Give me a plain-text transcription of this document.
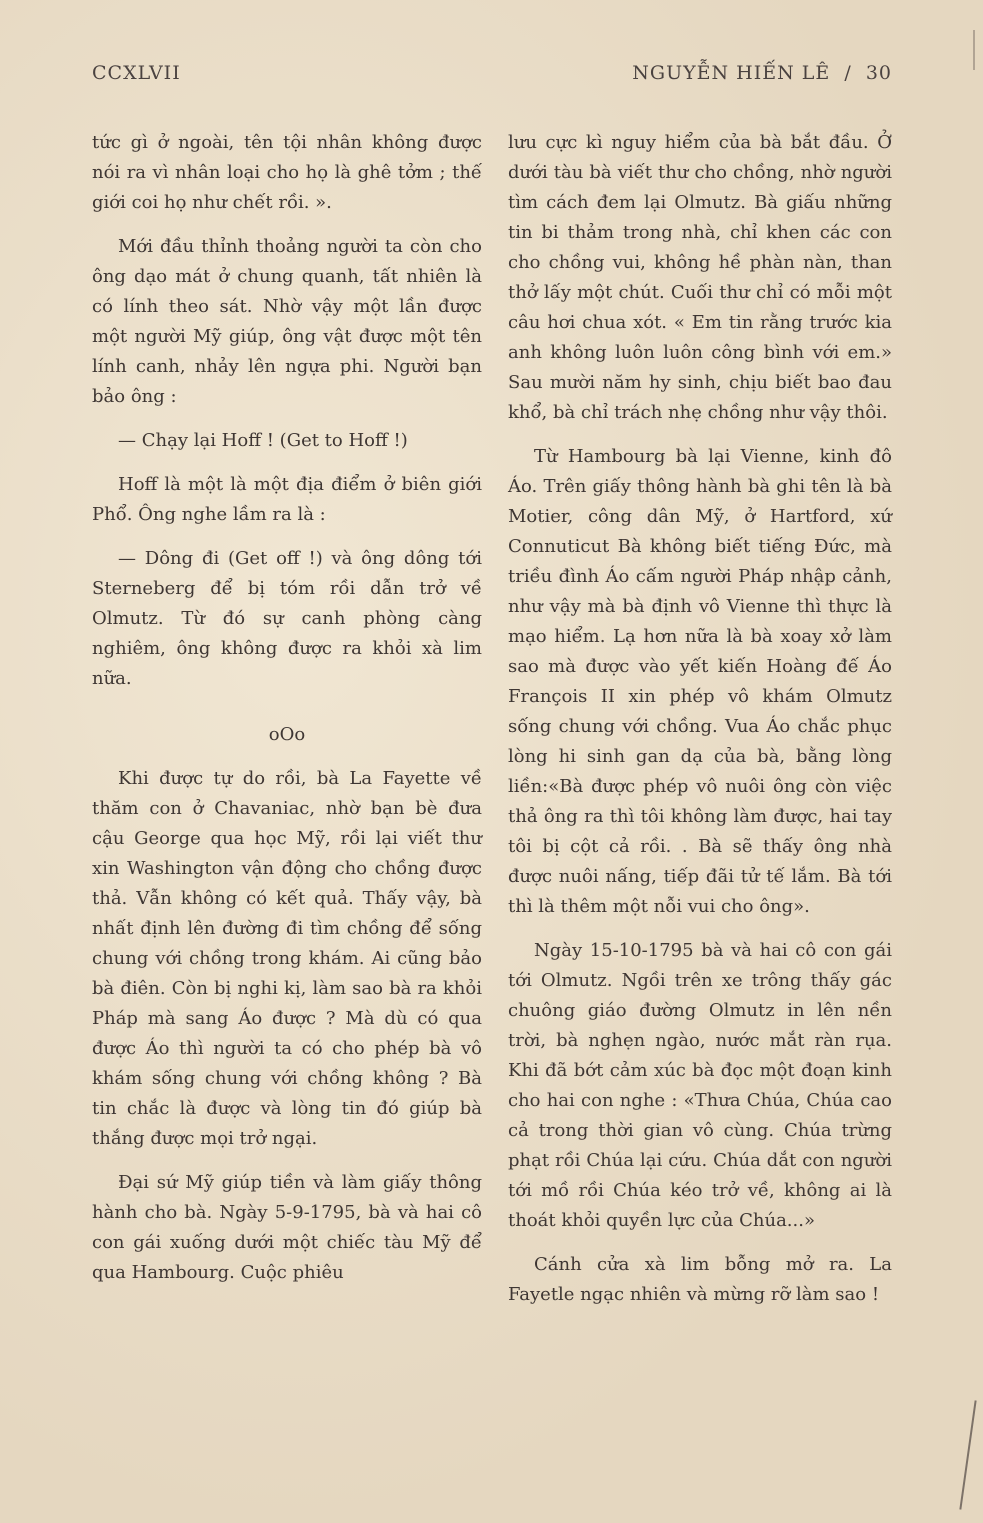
CCXLVII	NGUYỄN HIẾN LÊ  /  30

tức gì ở ngoài, tên tội nhân không được nói ra vì nhân loại cho họ là ghê tởm ; thế giới coi họ như chết rồi. ».

Mới đầu thỉnh thoảng người ta còn cho ông dạo mát ở chung quanh, tất nhiên là có lính theo sát. Nhờ vậy một lần được một người Mỹ giúp, ông vật được một tên lính canh, nhảy lên ngựa phi. Người bạn bảo ông :

— Chạy lại Hoff ! (Get to Hoff !)

Hoff là một là một địa điểm ở biên giới Phổ. Ông nghe lầm ra là :

— Dông đi (Get off !) và ông dông tới Sterneberg để bị tóm rồi dẫn trở về Olmutz. Từ đó sự canh phòng càng nghiêm, ông không được ra khỏi xà lim nữa.

oOo

Khi được tự do rồi, bà La Fayette về thăm con ở Chavaniac, nhờ bạn bè đưa cậu George qua học Mỹ, rồi lại viết thư xin Washington vận động cho chồng được thả. Vẫn không có kết quả. Thấy vậy, bà nhất định lên đường đi tìm chồng để sống chung với chồng trong khám. Ai cũng bảo bà điên. Còn bị nghi kị, làm sao bà ra khỏi Pháp mà sang Áo được ? Mà dù có qua được Áo thì người ta có cho phép bà vô khám sống chung với chồng không ? Bà tin chắc là được và lòng tin đó giúp bà thắng được mọi trở ngại.

Đại sứ Mỹ giúp tiền và làm giấy thông hành cho bà. Ngày 5-9-1795, bà và hai cô con gái xuống dưới một chiếc tàu Mỹ để qua Hambourg. Cuộc phiêu

lưu cực kì nguy hiểm của bà bắt đầu. Ở dưới tàu bà viết thư cho chồng, nhờ người tìm cách đem lại Olmutz. Bà giấu những tin bi thảm trong nhà, chỉ khen các con cho chồng vui, không hề phàn nàn, than thở lấy một chút. Cuối thư chỉ có mỗi một câu hơi chua xót. « Em tin rằng trước kia anh không luôn luôn công bình với em.» Sau mười năm hy sinh, chịu biết bao đau khổ, bà chỉ trách nhẹ chồng như vậy thôi.

Từ Hambourg bà lại Vienne, kinh đô Áo. Trên giấy thông hành bà ghi tên là bà Motier, công dân Mỹ, ở Hartford, xứ Connuticut Bà không biết tiếng Đức, mà triều đình Áo cấm người Pháp nhập cảnh, như vậy mà bà định vô Vienne thì thực là mạo hiểm. Lạ hơn nữa là bà xoay xở làm sao mà được vào yết kiến Hoàng đế Áo François II xin phép vô khám Olmutz sống chung với chồng. Vua Áo chắc phục lòng hi sinh gan dạ của bà, bằng lòng liền:«Bà được phép vô nuôi ông còn việc thả ông ra thì tôi không làm được, hai tay tôi bị cột cả rồi. . Bà sẽ thấy ông nhà được nuôi nấng, tiếp đãi tử tế lắm. Bà tới thì là thêm một nỗi vui cho ông».

Ngày 15-10-1795 bà và hai cô con gái tới Olmutz. Ngồi trên xe trông thấy gác chuông giáo đường Olmutz in lên nền trời, bà nghẹn ngào, nước mắt ràn rụa. Khi đã bớt cảm xúc bà đọc một đoạn kinh cho hai con nghe : «Thưa Chúa, Chúa cao cả trong thời gian vô cùng. Chúa trừng phạt rồi Chúa lại cứu. Chúa dắt con người tới mồ rồi Chúa kéo trở về, không ai là thoát khỏi quyền lực của Chúa...»

Cánh cửa xà lim bỗng mở ra. La Fayetle ngạc nhiên và mừng rỡ làm sao !
